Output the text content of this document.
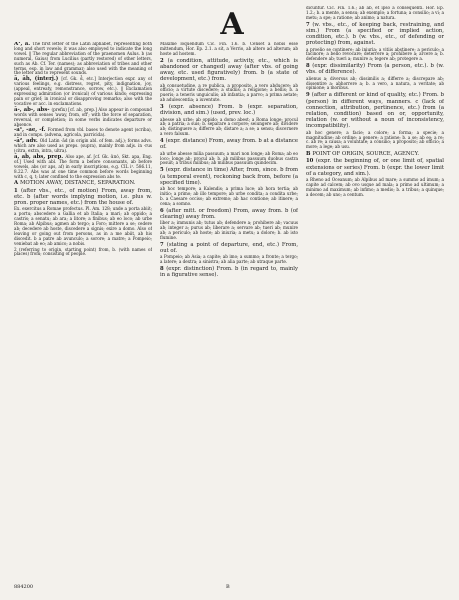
A

A¹, a. The first letter of the Latin alphabet, representing both long and short vowels; it was also employed to indicate the long vowel. ‖ The regular abbreviation of the praenomen Aulus. b (as numeral, Gaius) from Lucilius (partly restored) of other letters, such as Ab. Cf. Ter. (names); as abbreviation of tribes and other terms, esp. in law and grammar; also used with the meaning of the letter and to represent sounds.

ā, āh, (interj.) [cf. Gk. ἆ, etc.] Interjection expr. any of various feelings, e.g. distress, regret, pity, indignation, joy, (appeal, entreaty, remonstrance, sorrow, etc.). ‖ Exclamation expressing admiration (or ironical) of various kinds; expressing pain or grief; in ironical or disapproving remarks; also with the vocative or acc. in exclamations.

ā-, ab-, abs- (prefix) [cf. ab, prep.] Also appear in compound words with senses 'away, from, off'; with the force of separation, reversal, or completion; in some verbs indicates departure or absence.

-ā¹, -ae, -f. Formed from vbl. bases to denote agent (scriba), and in comps. (advena, agricola, parricida).

-ā², adv. Old Latin -ād (in origin abl. of fem. adj.); forms advs. which are also used as preps. (supra), mainly from adjs. in -rus (citra, extra, intra, ultra).

ā, ab, abs, prep. Also ape, af. [cf. Gk. ἀπό, Skt. apa, Eng. of.] Used with abl. The form a before consonants, ab before vowels, abs (or aps, af) in early inscriptions, e.g. CIL i². 586.11, 8.22.7. Abs was at one time common before words beginning with c, q, t; later confined to the expression abs te.

A MOTION AWAY, DISTANCE, SEPARATION.

1 (after vbs., etc., of motion) From, away from, etc. b (after words implying motion, i.e. plus w. pron. proper names, etc.) from the house of.

Ex. exercitus a Romae profectus. Pl. Am. 128; unde a porta abiit; a portu; abscedere a Gallia et ab Italia; a mari; ab oppido; a castris; a senatu; ab ara; a litore; a finibus; ab eo loco; ab urbe Roma; ab Alpibus; agmen ab tergo; a Foro; mittere a se; cedere ab; decedere ab hoste, discedere a signis; exire a domo. Also of leaving or going out from persons, as in a me abiit, ab his discedit. b a patre ab avunculo; a sorore; a matre; a Pompeio; veniebat ab eo; ab amico; a nobis.

2 (referring to origin, starting point) from, b. (with names of places) from; consisting of people.

Maxime loquendum Cic. Fin. 1.6. b. Censet a nobis esse mittendum, Hor. Ep. 2.1. a sit, a Verrio, ab altero ad alterum; ab hoste ad hostem.

2 (a condition, attitude, activity, etc., which is abandoned or changed) away (after vbs. of going away, etc. used figuratively) from. b (a state of development, etc.) from.

ab consuetudine, a re publica, a proposito, a vero abducere; ab officio; a virtute discedere; a studiis; a religione; a bellis; b. a pueris; a teneris unguiculis; ab infantia; a parvo; a prima aetate; ab adulescentia; a iuventute.

3 (expr. absence) From. b (expr. separation, division, and sim.) (used, prev. loc.)

abesse ab urbe; ab oppido; a domo abest; a Roma longe; procul ab; a patria; a suis; b. separare a corpore; seiungere ab; dividere ab; distinguere a; differre ab; distare a; a se; a sensu; discernere a vero falsum.

4 (expr. distance) From, away from. b at a distance of.

ab urbe abesse milia passuum; a mari non longe; ab Roma; ab eo loco; longe ab; procul ab; b. ab milibus passuum duobus castra posuit; a tribus milibus; ab milibus passuum quindecim.

5 (expr. distance in time) After, from, since. b from (a temporal event), reckoning back from, before (a specified time).

ab hoc tempore; a Kalendis; a prima luce; ab hora tertia; ab initio; a primo; ab illo tempore; ab urbe condita; a condita urbe; b. a Caesare occiso; ab extremo; ab hac contione; ab itinere; a cena; a somno.

6 (after mitt. or freedom) From, away from. b (of clearing) away from.

liber a; immunis ab; tutus ab; defendere a; prohibere ab; vacuus ab; integer a; purus ab; liberare a; servare ab; tueri ab; munire ab; a periculo; ab hoste; ab iniuria; a metu; a dolore; b. ab isto flumine.

7 (stating a point of departure, end, etc.) From, out of.

a Pompeio; ab Asia; a capite; ab imo; a summo; a fronte; a tergo; a latere; a dextra; a sinistra; ab alia parte; ab utraque parte.

8 (expr. distinction) From. b (in regard to, mainly in a figurative sense).

dicuntur. Cic. Fin. 1.6.; ab ab, et ipso a consequenti. Hor. Ep. 1.2.; b. a mente, a sensu; ab exemplo; a fortuna; a consilio; a vi; a metu; a spe; a ratione; ab animo; a natura.

7 (w. vbs., etc., of keeping back, restraining, and sim.) From (a specified or implied action, condition, etc.). b (w. vbs., etc., of defending or protecting) from, against.

a proelio se continere; ab iniuria; a vitiis abstinere; a periculo; a facinore; a bello revocare; deterrere a; prohibere a; arcere a; b. defendere ab; tueri a; munire a; tegere ab; protegere a.

8 (expr. dissimilarity) From (a person, etc.). b (w. vbs. of difference).

alienus a; diversus ab; dissimilis a; differre a; discrepare ab; dissentire a; abhorrere a; b. a vero, a natura, a veritate; ab opinione; a moribus.

9 (after a different or kind of quality, etc.) From. b (person) in different ways, manners. c (lack of connection, attribution, pertinence, etc.) from (a relation, condition) based on or, opportunity, relation (w. or without a noun of inconsistency, incompatibility).

ab hoc genere; a facie; a colore; a forma; a specie; a magnitudine; ab ordine; a genere; a ratione; b. a se; ab eo; a re; c. ab re; a causa; a voluntate; a consilio; a proposito; ab officio; a more; a lege; ab usu.

B POINT OF ORIGIN, SOURCE, AGENCY.

10 (expr. the beginning of, or one limit of, spatial extensions or series) From. b (expr. the lower limit of a category, and sim.).

a Rheno ad Oceanum; ab Alpibus ad mare; a summo ad imum; a capite ad calcem; ab ovo usque ad mala; a primo ad ultimum; a minimo ad maximum; ab infimo; a medio; b. a tribus; a quinque; a decem; ab uno; a centum.

884200	B
